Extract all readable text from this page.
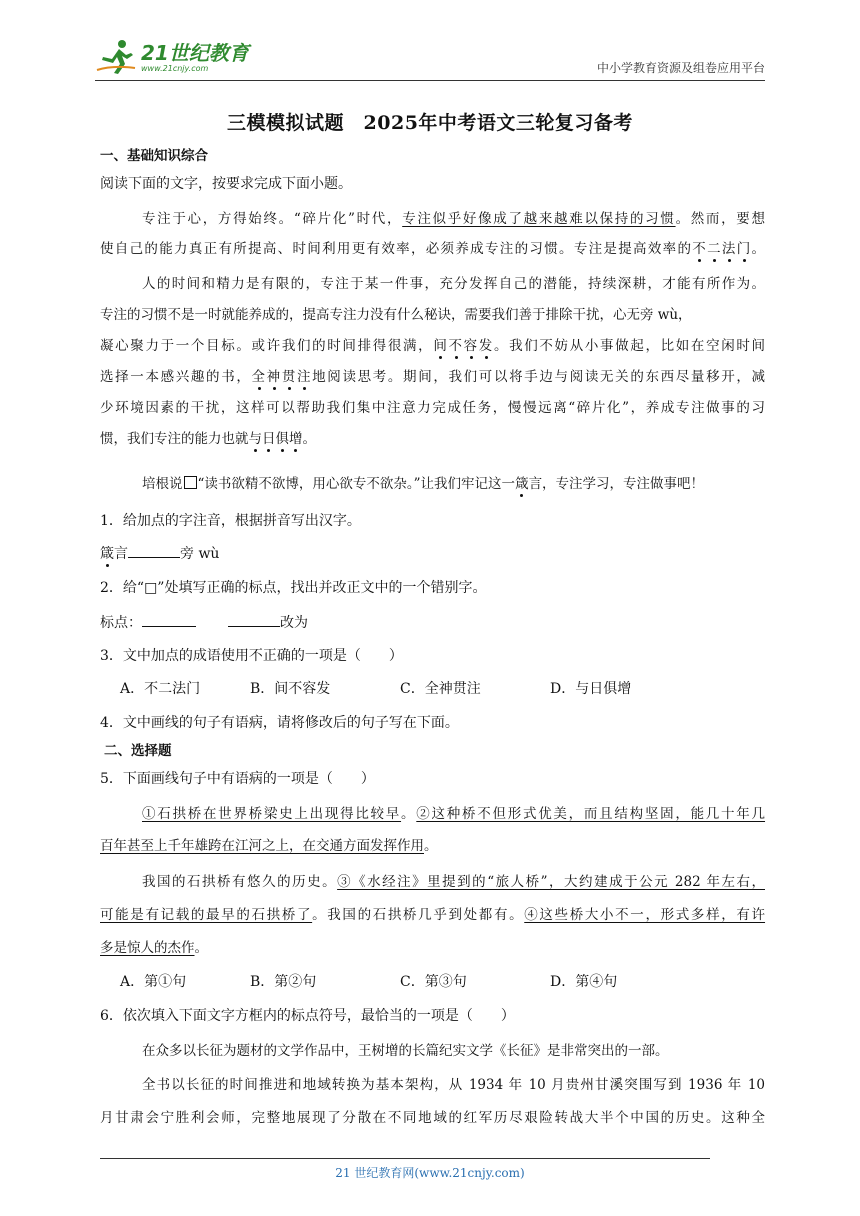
21世纪教育
www.21cnjy.com	中小学教育资源及组卷应用平台
三模模拟试题　2025年中考语文三轮复习备考
一、基础知识综合
阅读下面的文字，按要求完成下面小题。
专注于心，方得始终。“碎片化”时代，专注似乎好像成了越来越难以保持的习惯。然而，要想
使自己的能力真正有所提高、时间利用更有效率，必须养成专注的习惯。专注是提高效率的不二法门。
人的时间和精力是有限的，专注于某一件事，充分发挥自己的潜能，持续深耕，才能有所作为。
专注的习惯不是一时就能养成的，提高专注力没有什么秘诀，需要我们善于排除干扰，心无旁 wù，
凝心聚力于一个目标。或许我们的时间排得很满，间不容发。我们不妨从小事做起，比如在空闲时间
选择一本感兴趣的书，全神贯注地阅读思考。期间，我们可以将手边与阅读无关的东西尽量移开，减
少环境因素的干扰，这样可以帮助我们集中注意力完成任务，慢慢远离“碎片化”，养成专注做事的习
惯，我们专注的能力也就与日俱增。
培根说 “读书欲精不欲博，用心欲专不欲杂。”让我们牢记这一箴言，专注学习，专注做事吧！
1．给加点的字注音，根据拼音写出汉字。
箴言	旁 wù
2．给“□”处填写正确的标点，找出并改正文中的一个错别字。
标点：	改为
3．文中加点的成语使用不正确的一项是（　　）
A．不二法门	B．间不容发	C．全神贯注	D．与日俱增
4．文中画线的句子有语病，请将修改后的句子写在下面。
二、选择题
5．下面画线句子中有语病的一项是（　　）
①石拱桥在世界桥梁史上出现得比较早。②这种桥不但形式优美，而且结构坚固，能几十年几
百年甚至上千年雄跨在江河之上，在交通方面发挥作用。
我国的石拱桥有悠久的历史。③《水经注》里提到的“旅人桥”，大约建成于公元 282 年左右，
可能是有记载的最早的石拱桥了。我国的石拱桥几乎到处都有。④这些桥大小不一，形式多样，有许
多是惊人的杰作。
A．第①句	B．第②句	C．第③句	D．第④句
6．依次填入下面文字方框内的标点符号，最恰当的一项是（　　）
在众多以长征为题材的文学作品中，王树增的长篇纪实文学《长征》是非常突出的一部。
全书以长征的时间推进和地域转换为基本架构，从 1934 年 10 月贵州甘溪突围写到 1936 年 10
月甘肃会宁胜利会师，完整地展现了分散在不同地域的红军历尽艰险转战大半个中国的历史。这种全
21 世纪教育网(www.21cnjy.com)
